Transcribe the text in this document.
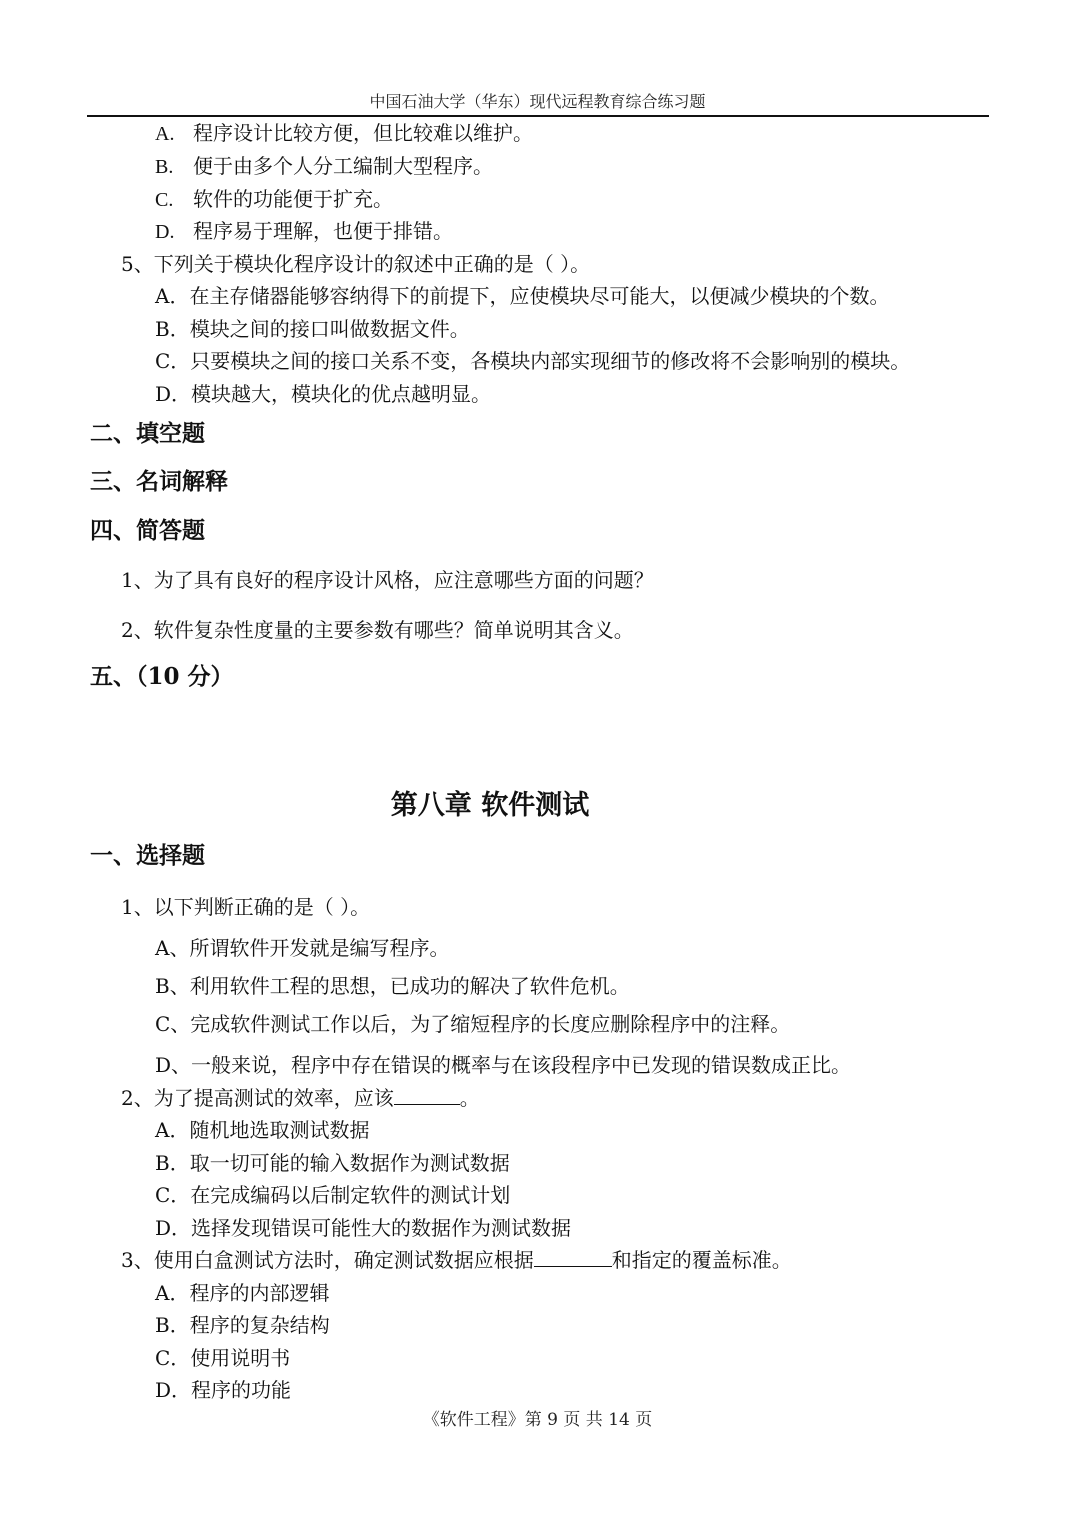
中国石油大学（华东）现代远程教育综合练习题
A. 程序设计比较方便，但比较难以维护。
B. 便于由多个人分工编制大型程序。
C. 软件的功能便于扩充。
D. 程序易于理解，也便于排错。
5、下列关于模块化程序设计的叙述中正确的是（ ）。
A．在主存储器能够容纳得下的前提下，应使模块尽可能大，以便减少模块的个数。
B．模块之间的接口叫做数据文件。
C．只要模块之间的接口关系不变，各模块内部实现细节的修改将不会影响别的模块。
D．模块越大，模块化的优点越明显。
二、填空题
三、名词解释
四、简答题
1、为了具有良好的程序设计风格，应注意哪些方面的问题？
2、软件复杂性度量的主要参数有哪些？简单说明其含义。
五、（10 分）
第八章 软件测试
一、选择题
1、以下判断正确的是（ ）。
A、所谓软件开发就是编写程序。
B、利用软件工程的思想，已成功的解决了软件危机。
C、完成软件测试工作以后，为了缩短程序的长度应删除程序中的注释。
D、一般来说，程序中存在错误的概率与在该段程序中已发现的错误数成正比。
2、为了提高测试的效率，应该	。
A．随机地选取测试数据
B．取一切可能的输入数据作为测试数据
C．在完成编码以后制定软件的测试计划
D．选择发现错误可能性大的数据作为测试数据
3、使用白盒测试方法时，确定测试数据应根据	和指定的覆盖标准。
A．程序的内部逻辑
B．程序的复杂结构
C．使用说明书
D．程序的功能
《软件工程》第 9 页 共 14 页
